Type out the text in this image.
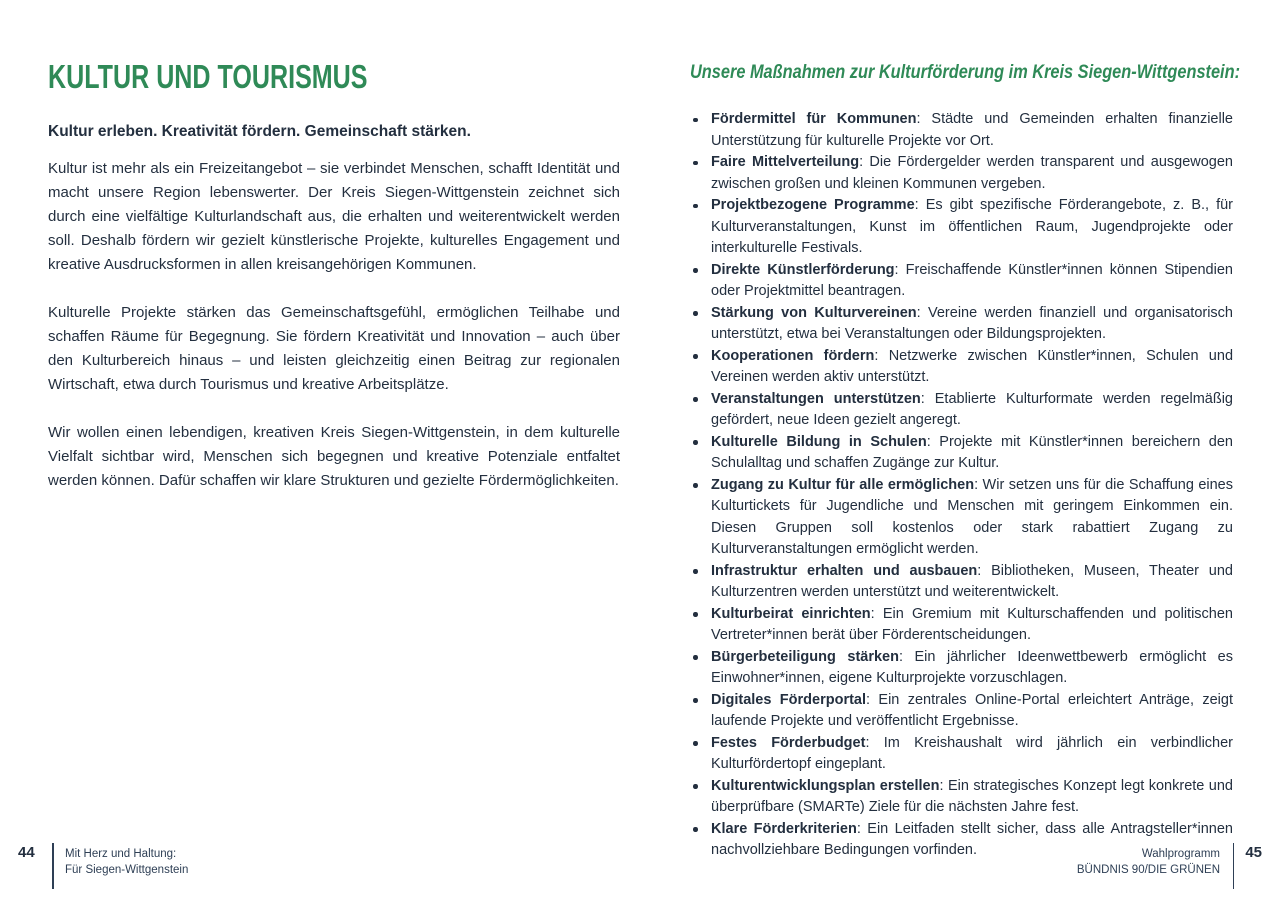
KULTUR UND TOURISMUS
Kultur erleben. Kreativität fördern. Gemeinschaft stärken.

Kultur ist mehr als ein Freizeitangebot – sie verbindet Menschen, schafft Identität und macht unsere Region lebenswerter. Der Kreis Siegen-Wittgenstein zeichnet sich durch eine vielfältige Kulturlandschaft aus, die erhalten und weiterentwickelt werden soll. Deshalb fördern wir gezielt künstlerische Projekte, kulturelles Engagement und kreative Ausdrucksformen in allen kreisangehörigen Kommunen.

Kulturelle Projekte stärken das Gemeinschaftsgefühl, ermöglichen Teilhabe und schaffen Räume für Begegnung. Sie fördern Kreativität und Innovation – auch über den Kulturbereich hinaus – und leisten gleichzeitig einen Beitrag zur regionalen Wirtschaft, etwa durch Tourismus und kreative Arbeitsplätze.

Wir wollen einen lebendigen, kreativen Kreis Siegen-Wittgenstein, in dem kulturelle Vielfalt sichtbar wird, Menschen sich begegnen und kreative Potenziale entfaltet werden können. Dafür schaffen wir klare Strukturen und gezielte Fördermöglichkeiten.

Unsere Maßnahmen zur Kulturförderung im Kreis Siegen-Wittgenstein:
Fördermittel für Kommunen: Städte und Gemeinden erhalten finanzielle Unterstützung für kulturelle Projekte vor Ort.
Faire Mittelverteilung: Die Fördergelder werden transparent und ausgewogen zwischen großen und kleinen Kommunen vergeben.
Projektbezogene Programme: Es gibt spezifische Förderangebote, z. B., für Kulturveranstaltungen, Kunst im öffentlichen Raum, Jugendprojekte oder interkulturelle Festivals.
Direkte Künstlerförderung: Freischaffende Künstler*innen können Stipendien oder Projektmittel beantragen.
Stärkung von Kulturvereinen: Vereine werden finanziell und organisatorisch unterstützt, etwa bei Veranstaltungen oder Bildungsprojekten.
Kooperationen fördern: Netzwerke zwischen Künstler*innen, Schulen und Vereinen werden aktiv unterstützt.
Veranstaltungen unterstützen: Etablierte Kulturformate werden regelmäßig gefördert, neue Ideen gezielt angeregt.
Kulturelle Bildung in Schulen: Projekte mit Künstler*innen bereichern den Schulalltag und schaffen Zugänge zur Kultur.
Zugang zu Kultur für alle ermöglichen: Wir setzen uns für die Schaffung eines Kulturtickets für Jugendliche und Menschen mit geringem Einkommen ein. Diesen Gruppen soll kostenlos oder stark rabattiert Zugang zu Kulturveranstaltungen ermöglicht werden.
Infrastruktur erhalten und ausbauen: Bibliotheken, Museen, Theater und Kulturzentren werden unterstützt und weiterentwickelt.
Kulturbeirat einrichten: Ein Gremium mit Kulturschaffenden und politischen Vertreter*innen berät über Förderentscheidungen.
Bürgerbeteiligung stärken: Ein jährlicher Ideenwettbewerb ermöglicht es Einwohner*innen, eigene Kulturprojekte vorzuschlagen.
Digitales Förderportal: Ein zentrales Online-Portal erleichtert Anträge, zeigt laufende Projekte und veröffentlicht Ergebnisse.
Festes Förderbudget: Im Kreishaushalt wird jährlich ein verbindlicher Kulturfördertopf eingeplant.
Kulturentwicklungsplan erstellen: Ein strategisches Konzept legt konkrete und überprüfbare (SMARTe) Ziele für die nächsten Jahre fest.
Klare Förderkriterien: Ein Leitfaden stellt sicher, dass alle Antragsteller*innen nachvollziehbare Bedingungen vorfinden.
44	Mit Herz und Haltung:
Für Siegen-Wittgenstein
Wahlprogramm
BÜNDNIS 90/DIE GRÜNEN
45
